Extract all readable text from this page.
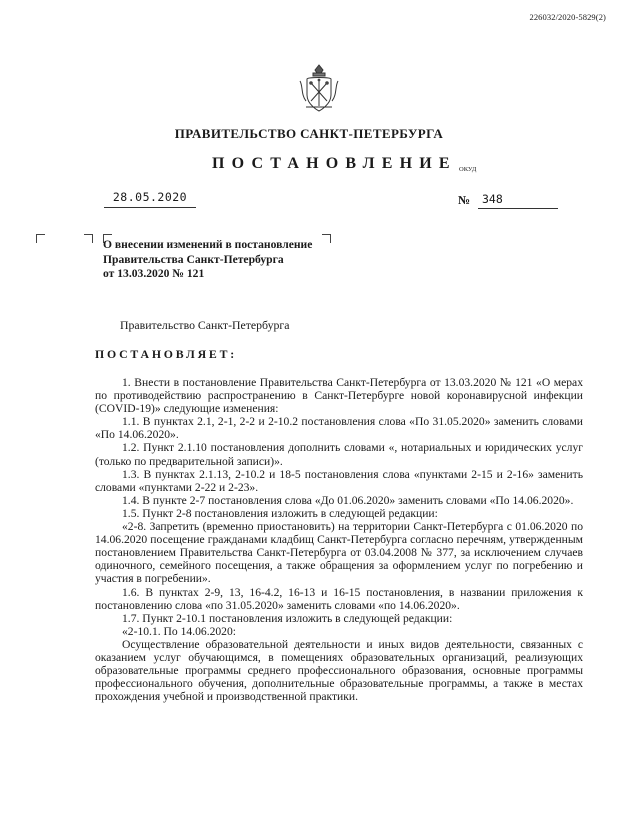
226032/2020-5829(2)
ПРАВИТЕЛЬСТВО САНКТ-ПЕТЕРБУРГА
ПОСТАНОВЛЕНИЕ ОКУД
28.05.2020	№	348
О внесении изменений в постановление
Правительства Санкт-Петербурга
от 13.03.2020 № 121
Правительство Санкт-Петербурга
ПОСТАНОВЛЯЕТ:

1. Внести в постановление Правительства Санкт-Петербурга от 13.03.2020 № 121 «О мерах по противодействию распространению в Санкт-Петербурге новой коронавирусной инфекции (COVID-19)» следующие изменения:

1.1. В пунктах 2.1, 2-1, 2-2 и 2-10.2 постановления слова «По 31.05.2020» заменить словами «По 14.06.2020».

1.2. Пункт 2.1.10 постановления дополнить словами «, нотариальных и юридических услуг (только по предварительной записи)».

1.3. В пунктах 2.1.13, 2-10.2 и 18-5 постановления слова «пунктами 2-15 и 2-16» заменить словами «пунктами 2-22 и 2-23».

1.4. В пункте 2-7 постановления слова «До 01.06.2020» заменить словами «По 14.06.2020».

1.5. Пункт 2-8 постановления изложить в следующей редакции:

«2-8. Запретить (временно приостановить) на территории Санкт-Петербурга с 01.06.2020 по 14.06.2020 посещение гражданами кладбищ Санкт-Петербурга согласно перечням, утвержденным постановлением Правительства Санкт-Петербурга от 03.04.2008 № 377, за исключением случаев одиночного, семейного посещения, а также обращения за оформлением услуг по погребению и участия в погребении».

1.6. В пунктах 2-9, 13, 16-4.2, 16-13 и 16-15 постановления, в названии приложения к постановлению слова «по 31.05.2020» заменить словами «по 14.06.2020».

1.7. Пункт 2-10.1 постановления изложить в следующей редакции:

«2-10.1. По 14.06.2020:

Осуществление образовательной деятельности и иных видов деятельности, связанных с оказанием услуг обучающимся, в помещениях образовательных организаций, реализующих образовательные программы среднего профессионального образования, основные программы профессионального обучения, дополнительные образовательные программы, а также в местах прохождения учебной и производственной практики.
